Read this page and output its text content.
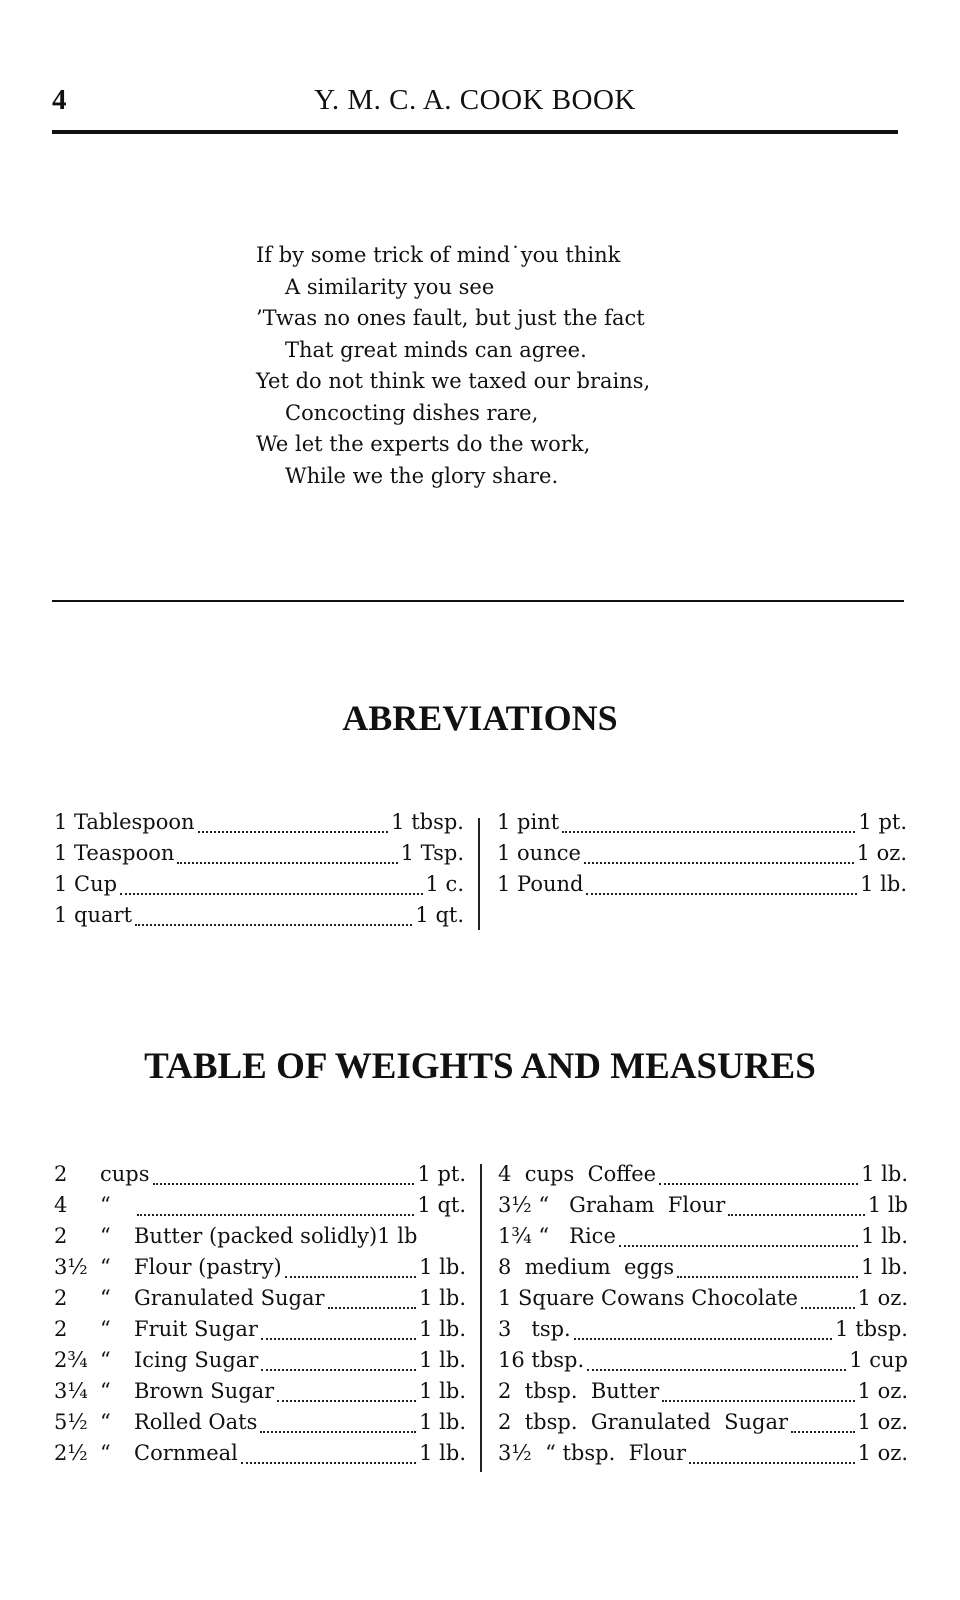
4	Y. M. C. A. COOK BOOK
If by some trick of mind˙you think
A similarity you see
’Twas no ones fault, but just the fact
That great minds can agree.
Yet do not think we taxed our brains,
Concocting dishes rare,
We let the experts do the work,
While we the glory share.
ABREVIATIONS
1 Tablespoon	1 tbsp.
1 Teaspoon	1 Tsp.
1 Cup	1 c.
1 quart	1 qt.
1 pint	1 pt.
1 ounce	1 oz.
1 Pound	1 lb.
TABLE OF WEIGHTS AND MEASURES
2	cups	1 pt.
4	“	1 qt.
2	“	Butter (packed solidly) 1 lb
3½ “	Flour (pastry)	1 lb.
2	“	Granulated Sugar	1 lb.
2	“	Fruit Sugar	1 lb.
2¾ “	Icing Sugar	1 lb.
3¼ “	Brown Sugar	1 lb.
5½ “	Rolled Oats	1 lb.
2½ “	Cornmeal	1 lb.
4  cups  Coffee	1 lb.
3½ “   Graham  Flour	1 lb
1¾ “   Rice	1 lb.
8  medium  eggs	1 lb.
1 Square Cowans Chocolate	1 oz.
3   tsp.	1 tbsp.
16 tbsp.	1 cup
2  tbsp.  Butter	1 oz.
2  tbsp.  Granulated  Sugar	1 oz.
3½  “ tbsp.  Flour	1 oz.
